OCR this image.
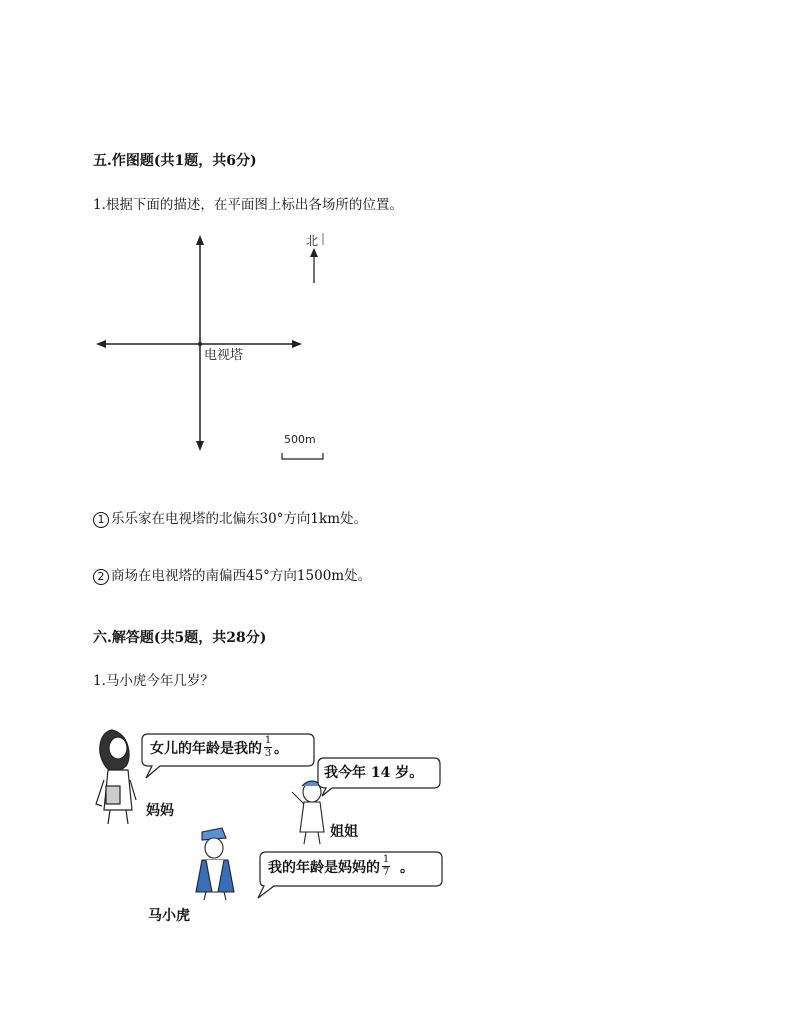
五.作图题(共1题，共6分)
1.根据下面的描述，在平面图上标出各场所的位置。
电视塔
北
500m
1 乐乐家在电视塔的北偏东30°方向1km处。
2 商场在电视塔的南偏西45°方向1500m处。
六.解答题(共5题，共28分)
1.马小虎今年几岁？
女儿的年龄是我的 $\frac{1}{3}$ 。
妈妈
我今年 14 岁。
姐姐
我的年龄是妈妈的 $\frac{1}{7}$ 。
马小虎
